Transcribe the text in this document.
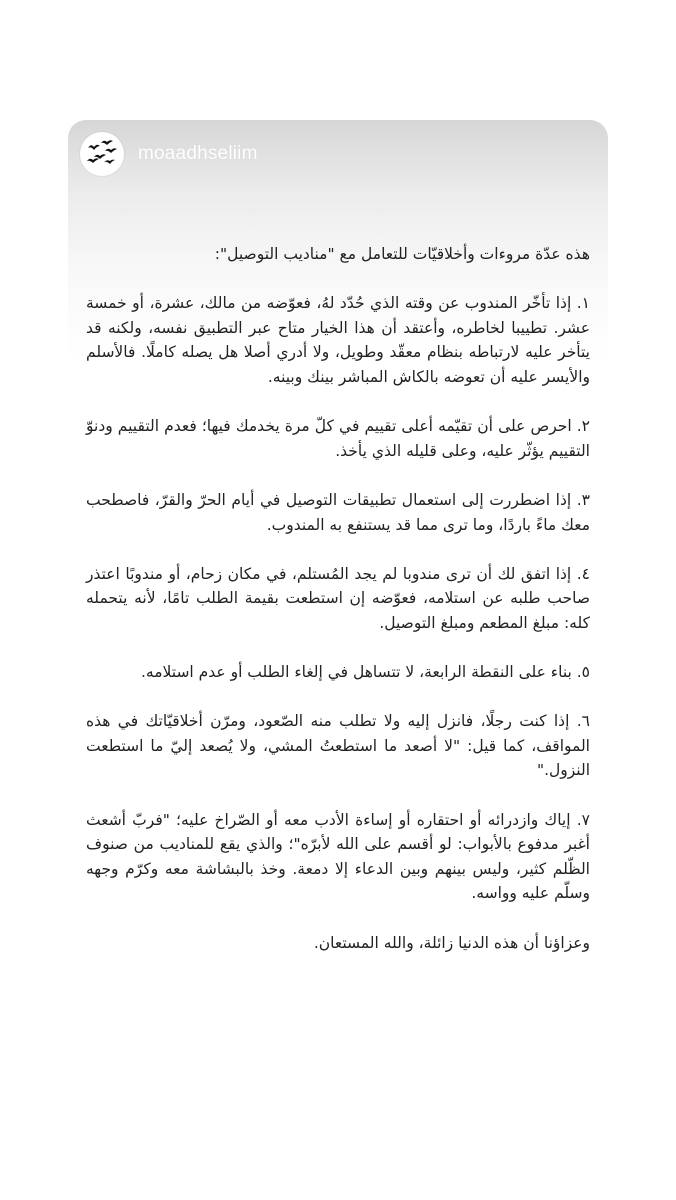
moaadhseliim

هذه عدّة مروءات وأخلاقيّات للتعامل مع "مناديب التوصيل":

١. إذا تأخّر المندوب عن وقته الذي حُدّد لهُ، فعوّضه من مالك، عشرة، أو خمسة عشر. تطييبا لخاطره، وأعتقد أن هذا الخيار متاح عبر التطبيق نفسه، ولكنه قد يتأخر عليه لارتباطه بنظام معقّد وطويل، ولا أدري أصلا هل يصله كاملًا. فالأسلم والأيسر عليه أن تعوضه بالكاش المباشر بينك وبينه.

٢. احرص على أن تقيّمه أعلى تقييم في كلّ مرة يخدمك فيها؛ فعدم التقييم ودنوّ التقييم يؤثّر عليه، وعلى قليله الذي يأخذ.

٣. إذا اضطررت إلى استعمال تطبيقات التوصيل في أيام الحرّ والقرّ، فاصطحب معك ماءً باردًا، وما ترى مما قد يستنفع به المندوب.

٤. إذا اتفق لك أن ترى مندوبا لم يجد المُستلم، في مكان زحام، أو مندوبًا اعتذر صاحب طلبه عن استلامه، فعوّضه إن استطعت بقيمة الطلب تامًا، لأنه يتحمله كله: مبلغ المطعم ومبلغ التوصيل.

٥. بناء على النقطة الرابعة، لا تتساهل في إلغاء الطلب أو عدم استلامه.

٦. إذا كنت رجلًا، فانزل إليه ولا تطلب منه الصّعود، ومرّن أخلاقيّاتك في هذه المواقف، كما قيل: "لا أصعد ما استطعتُ المشي، ولا يُصعد إليّ ما استطعت النزول."

٧. إياك وازدرائه أو احتقاره أو إساءة الأدب معه أو الصّراخ عليه؛ "فربّ أشعث أغبر مدفوع بالأبواب: لو أقسم على الله لأبرّه"؛ والذي يقع للمناديب من صنوف الظّلم كثير، وليس بينهم وبين الدعاء إلا دمعة. وخذ بالبشاشة معه وكرّم وجهه وسلّم عليه وواسه.

وعزاؤنا أن هذه الدنيا زائلة، والله المستعان.
